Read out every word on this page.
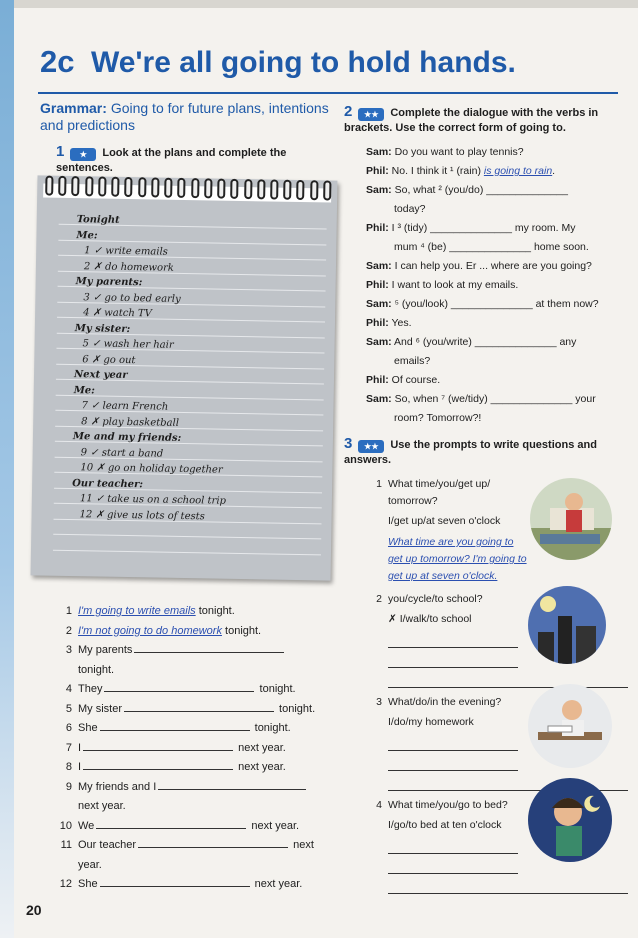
2c We're all going to hold hands.
Grammar: Going to for future plans, intentions and predictions
1 ★ Look at the plans and complete the sentences.
Tonight
Me:
1 ✓ write emails
2 ✗ do homework
My parents:
3 ✓ go to bed early
4 ✗ watch TV
My sister:
5 ✓ wash her hair
6 ✗ go out
Next year
Me:
7 ✓ learn French
8 ✗ play basketball
Me and my friends:
9 ✓ start a band
10 ✗ go on holiday together
Our teacher:
11 ✓ take us on a school trip
12 ✗ give us lots of tests
1 I'm going to write emails tonight.
2 I'm not going to do homework tonight.
3 My parents
tonight.
4 They	tonight.
5 My sister	tonight.
6 She	tonight.
7 I	next year.
8 I	next year.
9 My friends and I
next year.
10 We	next year.
11 Our teacher	next
year.
12 She	next year.
2 ★★ Complete the dialogue with the verbs in brackets. Use the correct form of going to.
Sam: Do you want to play tennis?
Phil: No. I think it ¹ (rain) is going to rain.
Sam: So, what ² (you/do) ______________
today?
Phil: I ³ (tidy) ______________ my room. My
mum ⁴ (be) ______________ home soon.
Sam: I can help you. Er ... where are you going?
Phil: I want to look at my emails.
Sam: ⁵ (you/look) ______________ at them now?
Phil: Yes.
Sam: And ⁶ (you/write) ______________ any
emails?
Phil: Of course.
Sam: So, when ⁷ (we/tidy) ______________ your
room? Tomorrow?!
3 ★★ Use the prompts to write questions and answers.
1 What time/you/get up/ tomorrow?
I/get up/at seven o'clock
What time are you going to get up tomorrow? I'm going to get up at seven o'clock.
2 you/cycle/to school?
✗ I/walk/to school
3 What/do/in the evening?
I/do/my homework
4 What time/you/go to bed?
I/go/to bed at ten o'clock
20
